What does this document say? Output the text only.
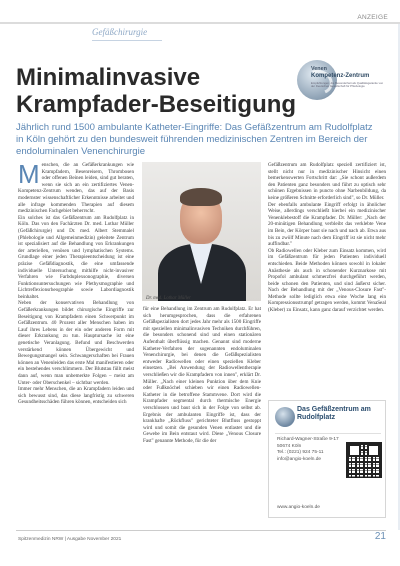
ANZEIGE
Gefäßchirurgie
Minimalinvasive
Krampfader-Beseitigung
Venen
Kompetenz-Zentrum
Empfehlungen, die Besonderheit als Qualitätsgarantie von der Deutschen Gesellschaft für Phlebologie
Jährlich rund 1500 ambulante Katheter-Eingriffe: Das Gefäßzentrum am Rudolfplatz in Köln gehört zu den bundesweit führenden medizinischen Zentren im Bereich der endoluminalen Venenchirurgie

Menschen, die an Gefäßerkrankungen wie Krampfadern, Besenreisern, Thrombosen oder offenen Beinen leiden, sind gut beraten, wenn sie sich an ein zertifiziertes Venen-Kompetenz-Zentrum wenden, das auf der Basis modernster wissenschaftlicher Erkenntnisse arbeitet und alle infrage kommenden Therapien auf diesem medizinischen Fachgebiet beherrscht.

Ein solches ist das Gefäßzentrum am Rudolfplatz in Köln. Das von den Fachärzten Dr. med. Lothar Müller (Gefäßchirurgie) und Dr. med. Albert Stemmalel (Phlebologie und Allgemeinmedizin) geleitete Zentrum ist spezialisiert auf die Behandlung von Erkrankungen der arteriellen, venösen und lymphatischen Systems. Grundlage einer jeden Therapieentscheidung ist eine präzise Gefäßdiagnostik, die eine umfassende individuelle Untersuchung mithilfe nicht-invasiver Verfahren wie Farbduplexsonographie, diversen Funktionsuntersuchungen wie Plethysmographie und Lichtreflexionsrheographie sowie Labordiagnostik beinhaltet.

Neben der konservativen Behandlung von Gefäßerkrankungen bildet chirurgische Eingriffe zur Beseitigung von Krampfadern einen Schwerpunkt im Gefäßzentrum. 40 Prozent aller Menschen haben im Lauf ihres Lebens in der ein oder anderen Form mit dieser Erkrankung zu tun. Hauptursache ist eine genetische Veranlagung. Befund und Beschwerden verstärkend können Übergewicht und Bewegungsmangel sein. Schwangerschaften bei Frauen können an Venenleiden das erste Mal manifestieren oder ein bestehendes verschlimmern. Der Blutstau füllt meist dann auf, wenn man unbemerkte Folgen – meist am Unter- oder Oberschenkel – sichtbar werden.

Immer mehr Menschen, die an Krampfadern leiden und sich bewusst sind, das diese langfristig zu schweren Gesundheitsschäden führen können, entscheiden sich

Dr. med. Lothar Müller

für eine Behandlung im Zentrum am Rudolfplatz. Er hat sich herumgesprochen, dass die erfahrenen Gefäßspezialisten dort jedes Jahr mehr als 1500 Eingriffe mit speziellen minimalinvasiven Techniken durchführen, die besonders schonend sind und einen stationären Aufenthalt überflüssig machen. Genannt sind moderne Katheter-Verfahren der sogenannten endoluminalen Venenchirurgie, bei denen die Gefäßspezialisten entweder Radiowellen oder einen speziellen Kleber einsetzen. „Bei Anwendung der Radiowellentherapie verschließen wir die Krampfadern von innen", erklärt Dr. Müller. „Nach einer kleinen Punktion über dem Knie oder Fußknöchel schieben wir einen Radiowellen-Katheter in die betroffene Stammvene. Dort wird die Krampfader segmental durch thermische Energie verschlossen und baut sich in der Folge von selbst ab. Ergebnis der ambulanten Eingriffe ist, dass der krankhafte „Rückfluss" gerichteter Blutfluss gestoppt wird und somit die gesunden Venen entlastet und die Gewebe im Bein entstaut wird. Diese „Venous Closure Fast" genannte Methode, für die der

Gefäßzentrum am Rudolfplatz speziell zertifiziert ist, stellt nicht nur in medizinischer Hinsicht einen bemerkenswerten Fortschritt dar: „Sie schont außerdem den Patienten ganz besonders und führt zu optisch sehr schönen Ergebnissen in puncto ohne Narbenbildung, da keine größeren Schnitte erforderlich sind", so Dr. Müller.

Der ebenfalls ambulante Eingriff erfolgt in ähnlicher Weise, allerdings verschließt hierbei ein medizinischer Venenklebestoff die Krampfader. Dr. Müller: „Nach der 20-minütigen Behandlung verbleibt das verklebte Vene im Bein, der Körper baut sie nach und nach ab. Etwa aus bis zu zwölf Minute nach dem Eingriff ist sie nicht mehr auffindbar."

Ob Radiowellen oder Kleber zum Einsatz kommen, wird im Gefäßzentrum für jeden Patienten individuell entschieden. Beide Methoden können sowohl in lokaler Anästhesie als auch in schonender Kurznarkose mit Propofol ambulant schmerzfrei durchgeführt werden, beide schonen den Patienten, und sind äußerst sicher. Nach der Behandlung mit der „Venous-Closure Fast"-Methode sollte lediglich etwa eine Woche lang ein Kompressionsstrumpf getragen werden, kommt VenaSeal (Kleber) zu Einsatz, kann ganz darauf verzichtet werden.

Das Gefäßzentrum am Rudolfplatz
Richard-Wagner-Straße 9-17
50674 Köln
Tel.: (0221) 924 75-11
info@angio-koeln.de
www.angio-koeln.de
Spitzenmedizin NRW | Ausgabe November 2021	21
